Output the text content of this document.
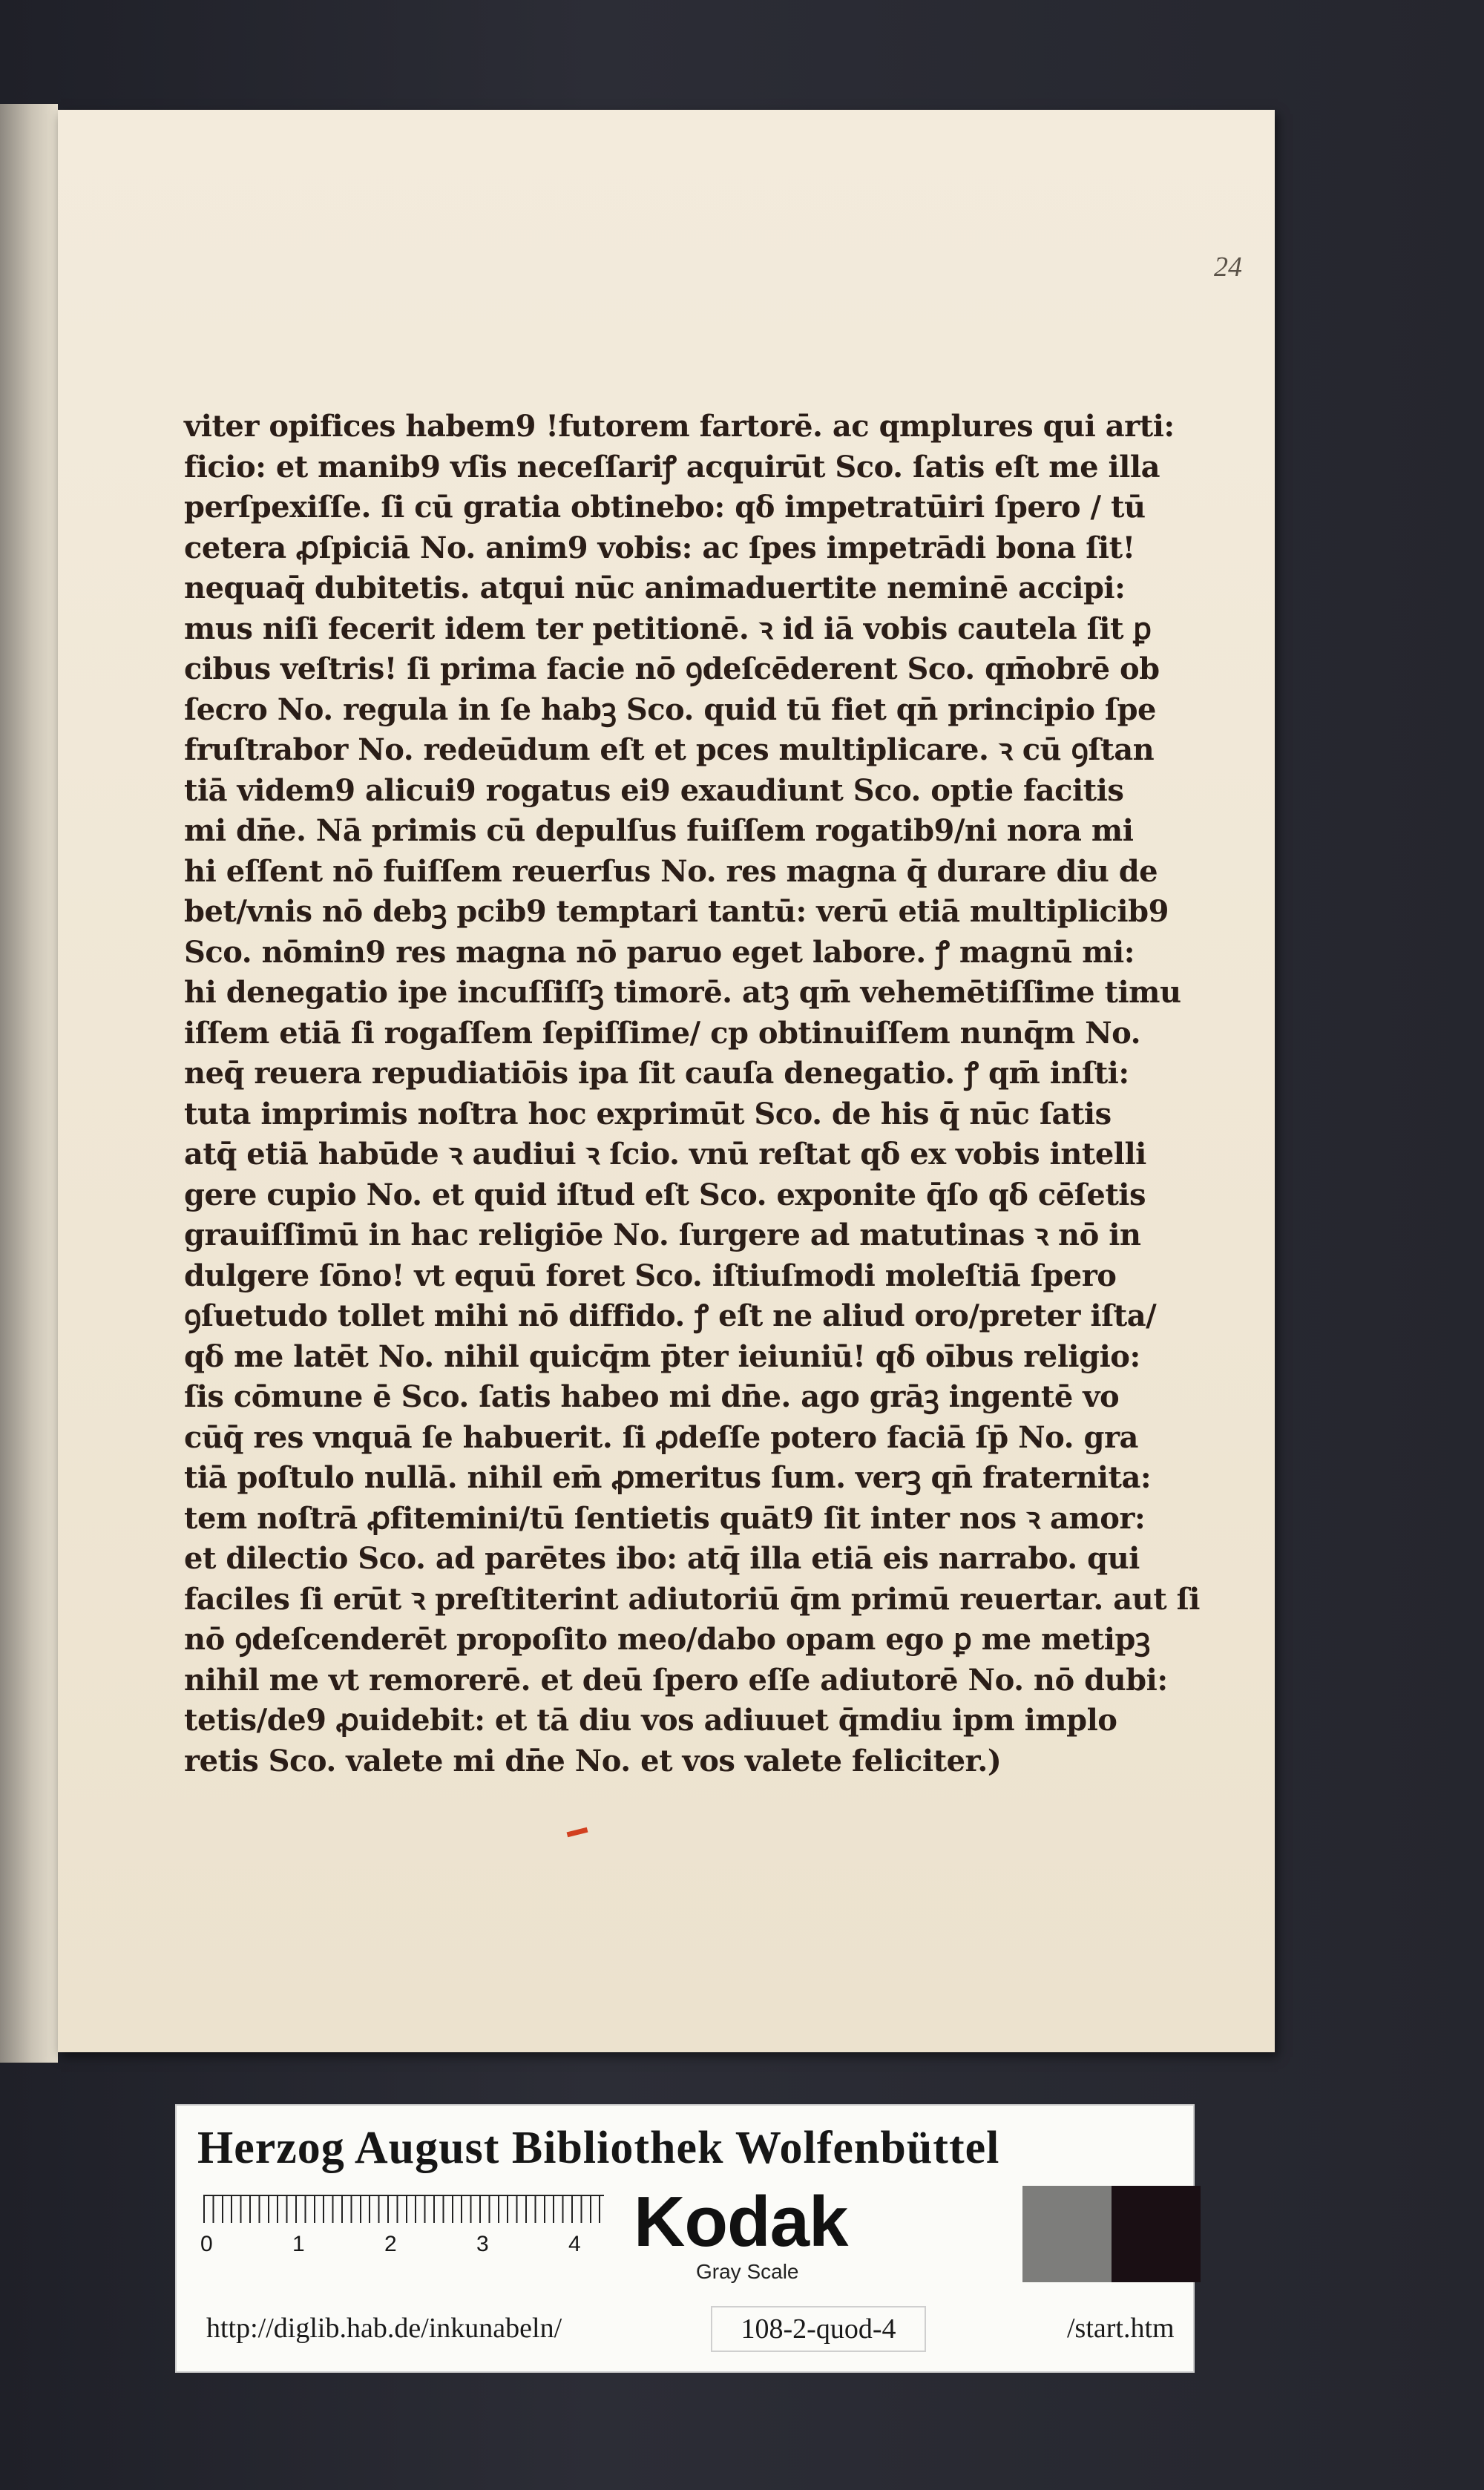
24
viter opifices habem9 !futorem fartorē. ac qmplures qui arti:
ficio: et manib9 vſis neceſſariꝭ acquirūt Sco. ſatis eſt me illa
perſpexiſſe. ſi cū gratia obtinebo: qδ impetratūiri ſpero / tū
cetera ꝓſpiciā No. anim9 vobis: ac ſpes impetrādi bona ſit!
nequaq̄ dubitetis. atqui nūc animaduertite neminē accipi:
mus niſi fecerit idem ter petitionē. ꝛ id iā vobis cautela ſit ꝑ
cibus veſtris! ſi prima facie nō ꝯdeſcēderent Sco. qm̄obrē ob
ſecro No. regula in ſe habꝫ Sco. quid tū fiet qn̄ principio ſpe
fruſtrabor No. redeūdum eſt et pces multiplicare. ꝛ cū ꝯſtan
tiā videm9 alicui9 rogatus ei9 exaudiunt Sco. optie facitis
mi dn̄e. Nā primis cū depulſus fuiſſem rogatib9/ni nora mi
hi eſſent nō fuiſſem reuerſus No. res magna q̄ durare diu de
bet/vnis nō debꝫ pcib9 temptari tantū: verū etiā multiplicib9
Sco. nōmin9 res magna nō paruo eget labore. ꝭ magnū mi:
hi denegatio ipe incuſſiſſꝫ timorē. atꝫ qm̄ vehemētiſſime timu
iſſem etiā ſi rogaſſem ſepiſſime/ cp obtinuiſſem nunq̄m No.
neq̄ reuera repudiatiōis ipa ſit cauſa denegatio. ꝭ qm̄ inſti:
tuta imprimis noſtra hoc exprimūt Sco. de his q̄ nūc ſatis
atq̄ etiā habūde ꝛ audiui ꝛ ſcio. vnū reſtat qδ ex vobis intelli
gere cupio No. et quid iſtud eſt Sco. exponite q̄ſo qδ cēſetis
grauiſſimū in hac religiōe No. ſurgere ad matutinas ꝛ nō in
dulgere ſōno! vt equū foret Sco. iſtiuſmodi moleſtiā ſpero
ꝯſuetudo tollet mihi nō diffido. ꝭ eſt ne aliud oro/preter iſta/
qδ me latēt No. nihil quicq̄m p̄ter ieiuniū! qδ oībus religio:
ſis cōmune ē Sco. ſatis habeo mi dn̄e. ago grāꝫ ingentē vo
cūq̄ res vnquā ſe habuerit. ſi ꝓdeſſe potero faciā ſp̄ No. gra
tiā poſtulo nullā. nihil em̄ ꝓmeritus ſum. verꝫ qn̄ fraternita:
tem noſtrā ꝓfitemini/tū ſentietis quāt9 ſit inter nos ꝛ amor:
et dilectio Sco. ad parētes ibo: atq̄ illa etiā eis narrabo. qui
faciles ſi erūt ꝛ preſtiterint adiutoriū q̄m primū reuertar. aut ſi
nō ꝯdeſcenderēt propoſito meo/dabo opam ego ꝑ me metipꝫ
nihil me vt remorerē. et deū ſpero eſſe adiutorē No. nō dubi:
tetis/de9 ꝓuidebit: et tā diu vos adiuuet q̄mdiu ipm implo
retis Sco. valete mi dn̄e No. et vos valete feliciter.)
Herzog August Bibliothek Wolfenbüttel
0	1	2	3	4 Kodak
Gray Scale
http://diglib.hab.de/inkunabeln/	108-2-quod-4	/start.htm
